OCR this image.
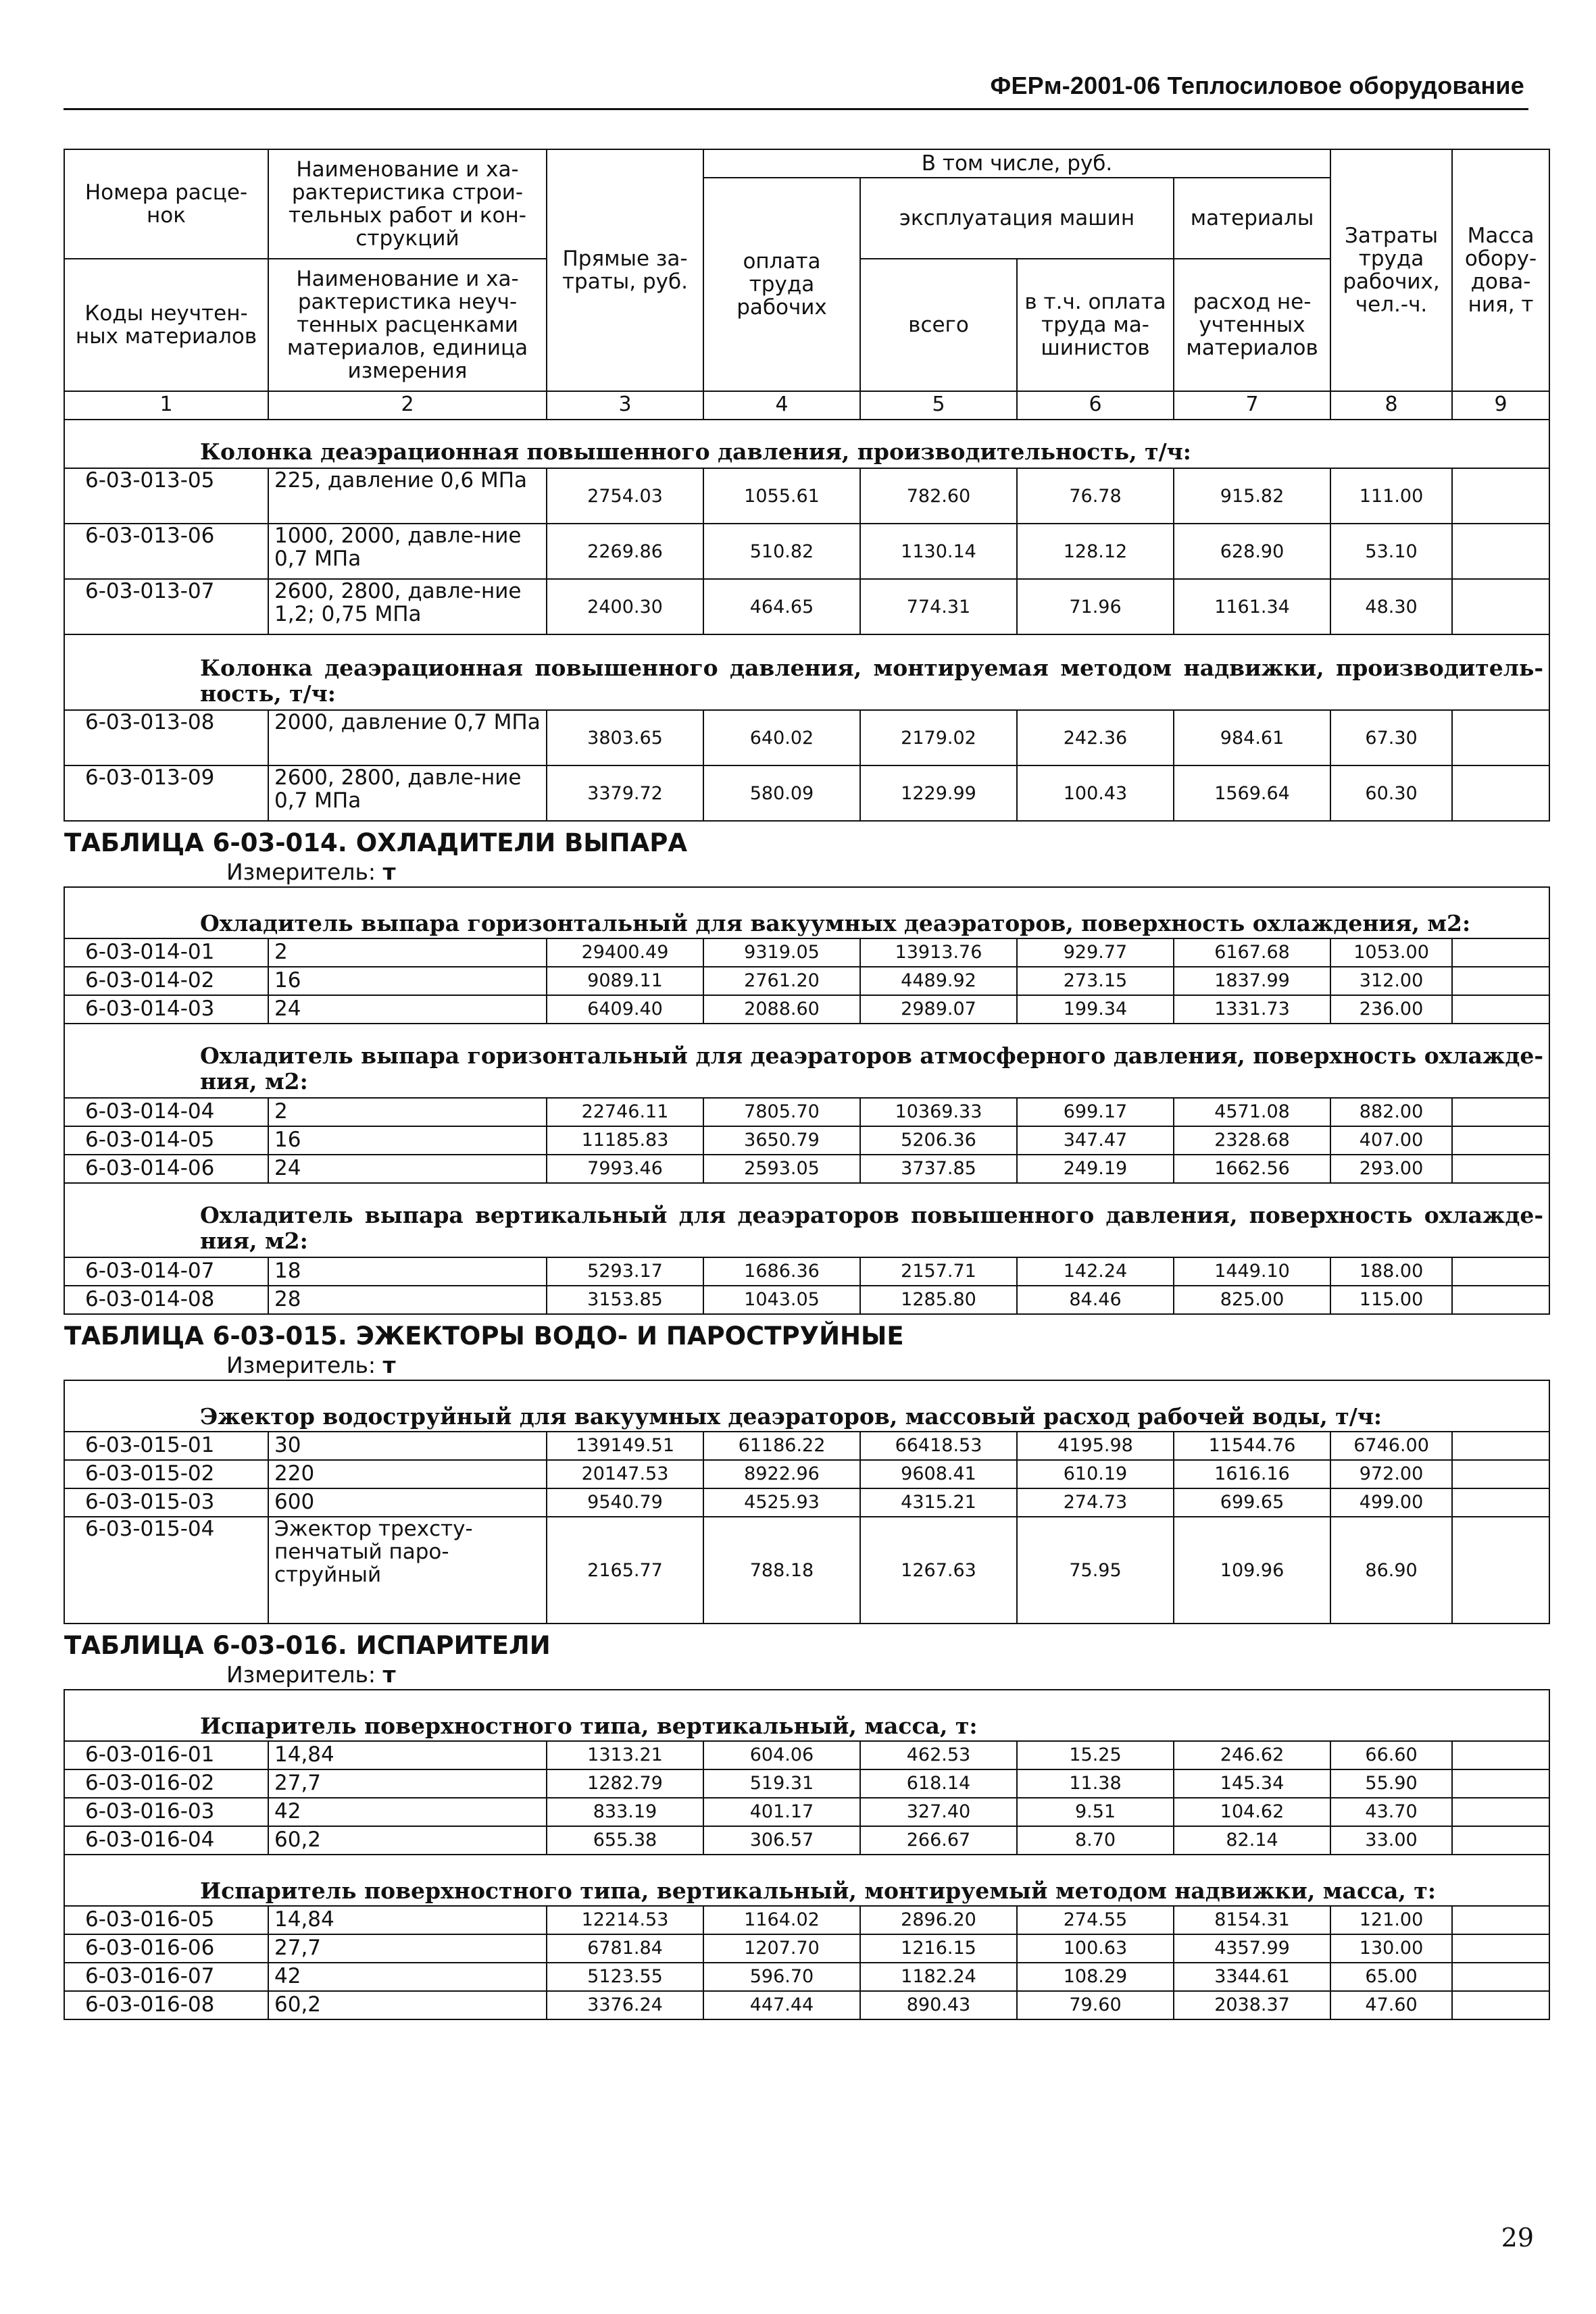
ФЕРм-2001-06 Теплосиловое оборудование
Номера расце-нок	Наименование и ха-рактеристика строи-тельных работ и кон-струкций	Прямые за-траты, руб.	В том числе, руб.				Затраты труда рабочих, чел.-ч.	Масса обору-дова-ния, т
			оплата труда рабочих	эксплуатация машин		материалы		

Коды неучтен-ных материалов	Наименование и ха-рактеристика неуч-тенных расценками материалов, единица измерения			всего	в т.ч. оплата труда ма-шинистов	расход не-учтенных материалов		

1	2	3	4	5	6	7	8	9
Колонка деаэрационная повышенного давления, производительность, т/ч:								
6-03-013-05	225, давление 0,6 МПа	2754.03	1055.61	782.60	76.78	915.82	111.00	
6-03-013-06	1000, 2000, давле-ние 0,7 МПа	2269.86	510.82	1130.14	128.12	628.90	53.10	
6-03-013-07	2600, 2800, давле-ние 1,2; 0,75 МПа	2400.30	464.65	774.31	71.96	1161.34	48.30	
Колонка деаэрационная повышенного давления, монтируемая методом надвижки, производитель-ность, т/ч:								
6-03-013-08	2000, давление 0,7 МПа	3803.65	640.02	2179.02	242.36	984.61	67.30	
6-03-013-09	2600, 2800, давле-ние 0,7 МПа	3379.72	580.09	1229.99	100.43	1569.64	60.30	
ТАБЛИЦА 6-03-014. ОХЛАДИТЕЛИ ВЫПАРА
Измеритель: т								

Охладитель выпара горизонтальный для вакуумных деаэраторов, поверхность охлаждения, м2:								
6-03-014-01	2	29400.49	9319.05	13913.76	929.77	6167.68	1053.00	
6-03-014-02	16	9089.11	2761.20	4489.92	273.15	1837.99	312.00	
6-03-014-03	24	6409.40	2088.60	2989.07	199.34	1331.73	236.00	
Охладитель выпара горизонтальный для деаэраторов атмосферного давления, поверхность охлажде-ния, м2:								
6-03-014-04	2	22746.11	7805.70	10369.33	699.17	4571.08	882.00	
6-03-014-05	16	11185.83	3650.79	5206.36	347.47	2328.68	407.00	
6-03-014-06	24	7993.46	2593.05	3737.85	249.19	1662.56	293.00	
Охладитель выпара вертикальный для деаэраторов повышенного давления, поверхность охлажде-ния, м2:								
6-03-014-07	18	5293.17	1686.36	2157.71	142.24	1449.10	188.00	
6-03-014-08	28	3153.85	1043.05	1285.80	84.46	825.00	115.00	
ТАБЛИЦА 6-03-015. ЭЖЕКТОРЫ ВОДО- И ПАРОСТРУЙНЫЕ
Измеритель: т								

Эжектор водоструйный для вакуумных деаэраторов, массовый расход рабочей воды, т/ч:								
6-03-015-01	30	139149.51	61186.22	66418.53	4195.98	11544.76	6746.00	
6-03-015-02	220	20147.53	8922.96	9608.41	610.19	1616.16	972.00	
6-03-015-03	600	9540.79	4525.93	4315.21	274.73	699.65	499.00	
6-03-015-04	Эжектор трехсту-пенчатый паро-струйный	2165.77	788.18	1267.63	75.95	109.96	86.90	
ТАБЛИЦА 6-03-016. ИСПАРИТЕЛИ
Измеритель: т								

Испаритель поверхностного типа, вертикальный, масса, т:								
6-03-016-01	14,84	1313.21	604.06	462.53	15.25	246.62	66.60	
6-03-016-02	27,7	1282.79	519.31	618.14	11.38	145.34	55.90	
6-03-016-03	42	833.19	401.17	327.40	9.51	104.62	43.70	
6-03-016-04	60,2	655.38	306.57	266.67	8.70	82.14	33.00	
Испаритель поверхностного типа, вертикальный, монтируемый методом надвижки, масса, т:								
6-03-016-05	14,84	12214.53	1164.02	2896.20	274.55	8154.31	121.00	
6-03-016-06	27,7	6781.84	1207.70	1216.15	100.63	4357.99	130.00	
6-03-016-07	42	5123.55	596.70	1182.24	108.29	3344.61	65.00	
6-03-016-08	60,2	3376.24	447.44	890.43	79.60	2038.37	47.60	
29
